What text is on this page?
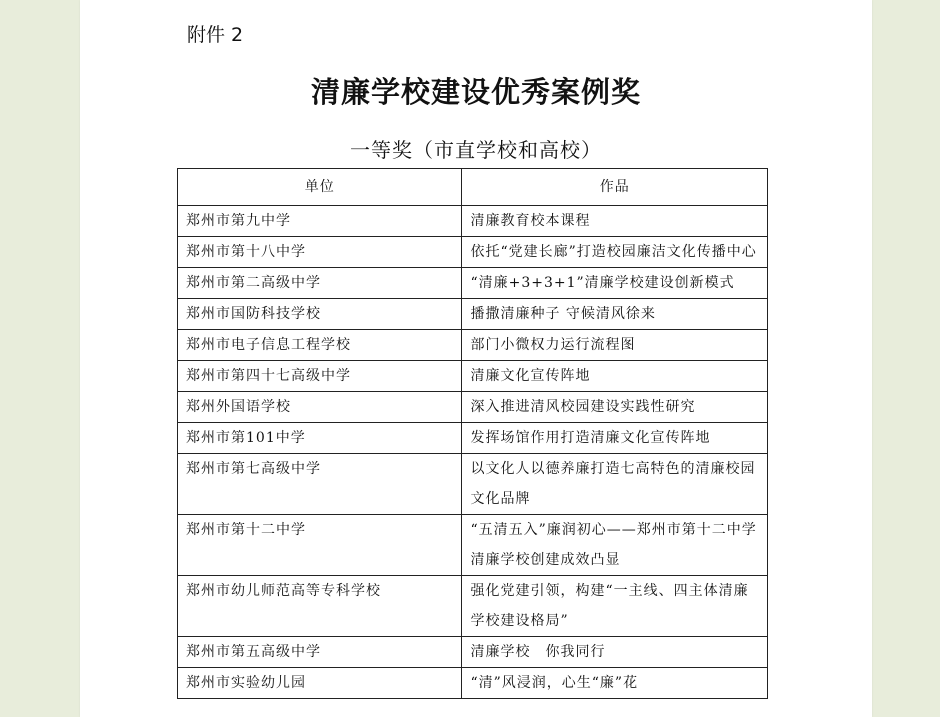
附件 2
清廉学校建设优秀案例奖
一等奖（市直学校和高校）
单位	作品
郑州市第九中学	清廉教育校本课程
郑州市第十八中学	依托“党建长廊”打造校园廉洁文化传播中心
郑州市第二高级中学	“清廉+3+3+1”清廉学校建设创新模式
郑州市国防科技学校	播撒清廉种子 守候清风徐来
郑州市电子信息工程学校	部门小微权力运行流程图
郑州市第四十七高级中学	清廉文化宣传阵地
郑州外国语学校	深入推进清风校园建设实践性研究
郑州市第101中学	发挥场馆作用打造清廉文化宣传阵地
郑州市第七高级中学	以文化人以德养廉打造七高特色的清廉校园文化品牌
郑州市第十二中学	“五清五入”廉润初心——郑州市第十二中学清廉学校创建成效凸显
郑州市幼儿师范高等专科学校	强化党建引领，构建“一主线、四主体清廉学校建设格局”
郑州市第五高级中学	清廉学校　你我同行
郑州市实验幼儿园	“清”风浸润，心生“廉”花
